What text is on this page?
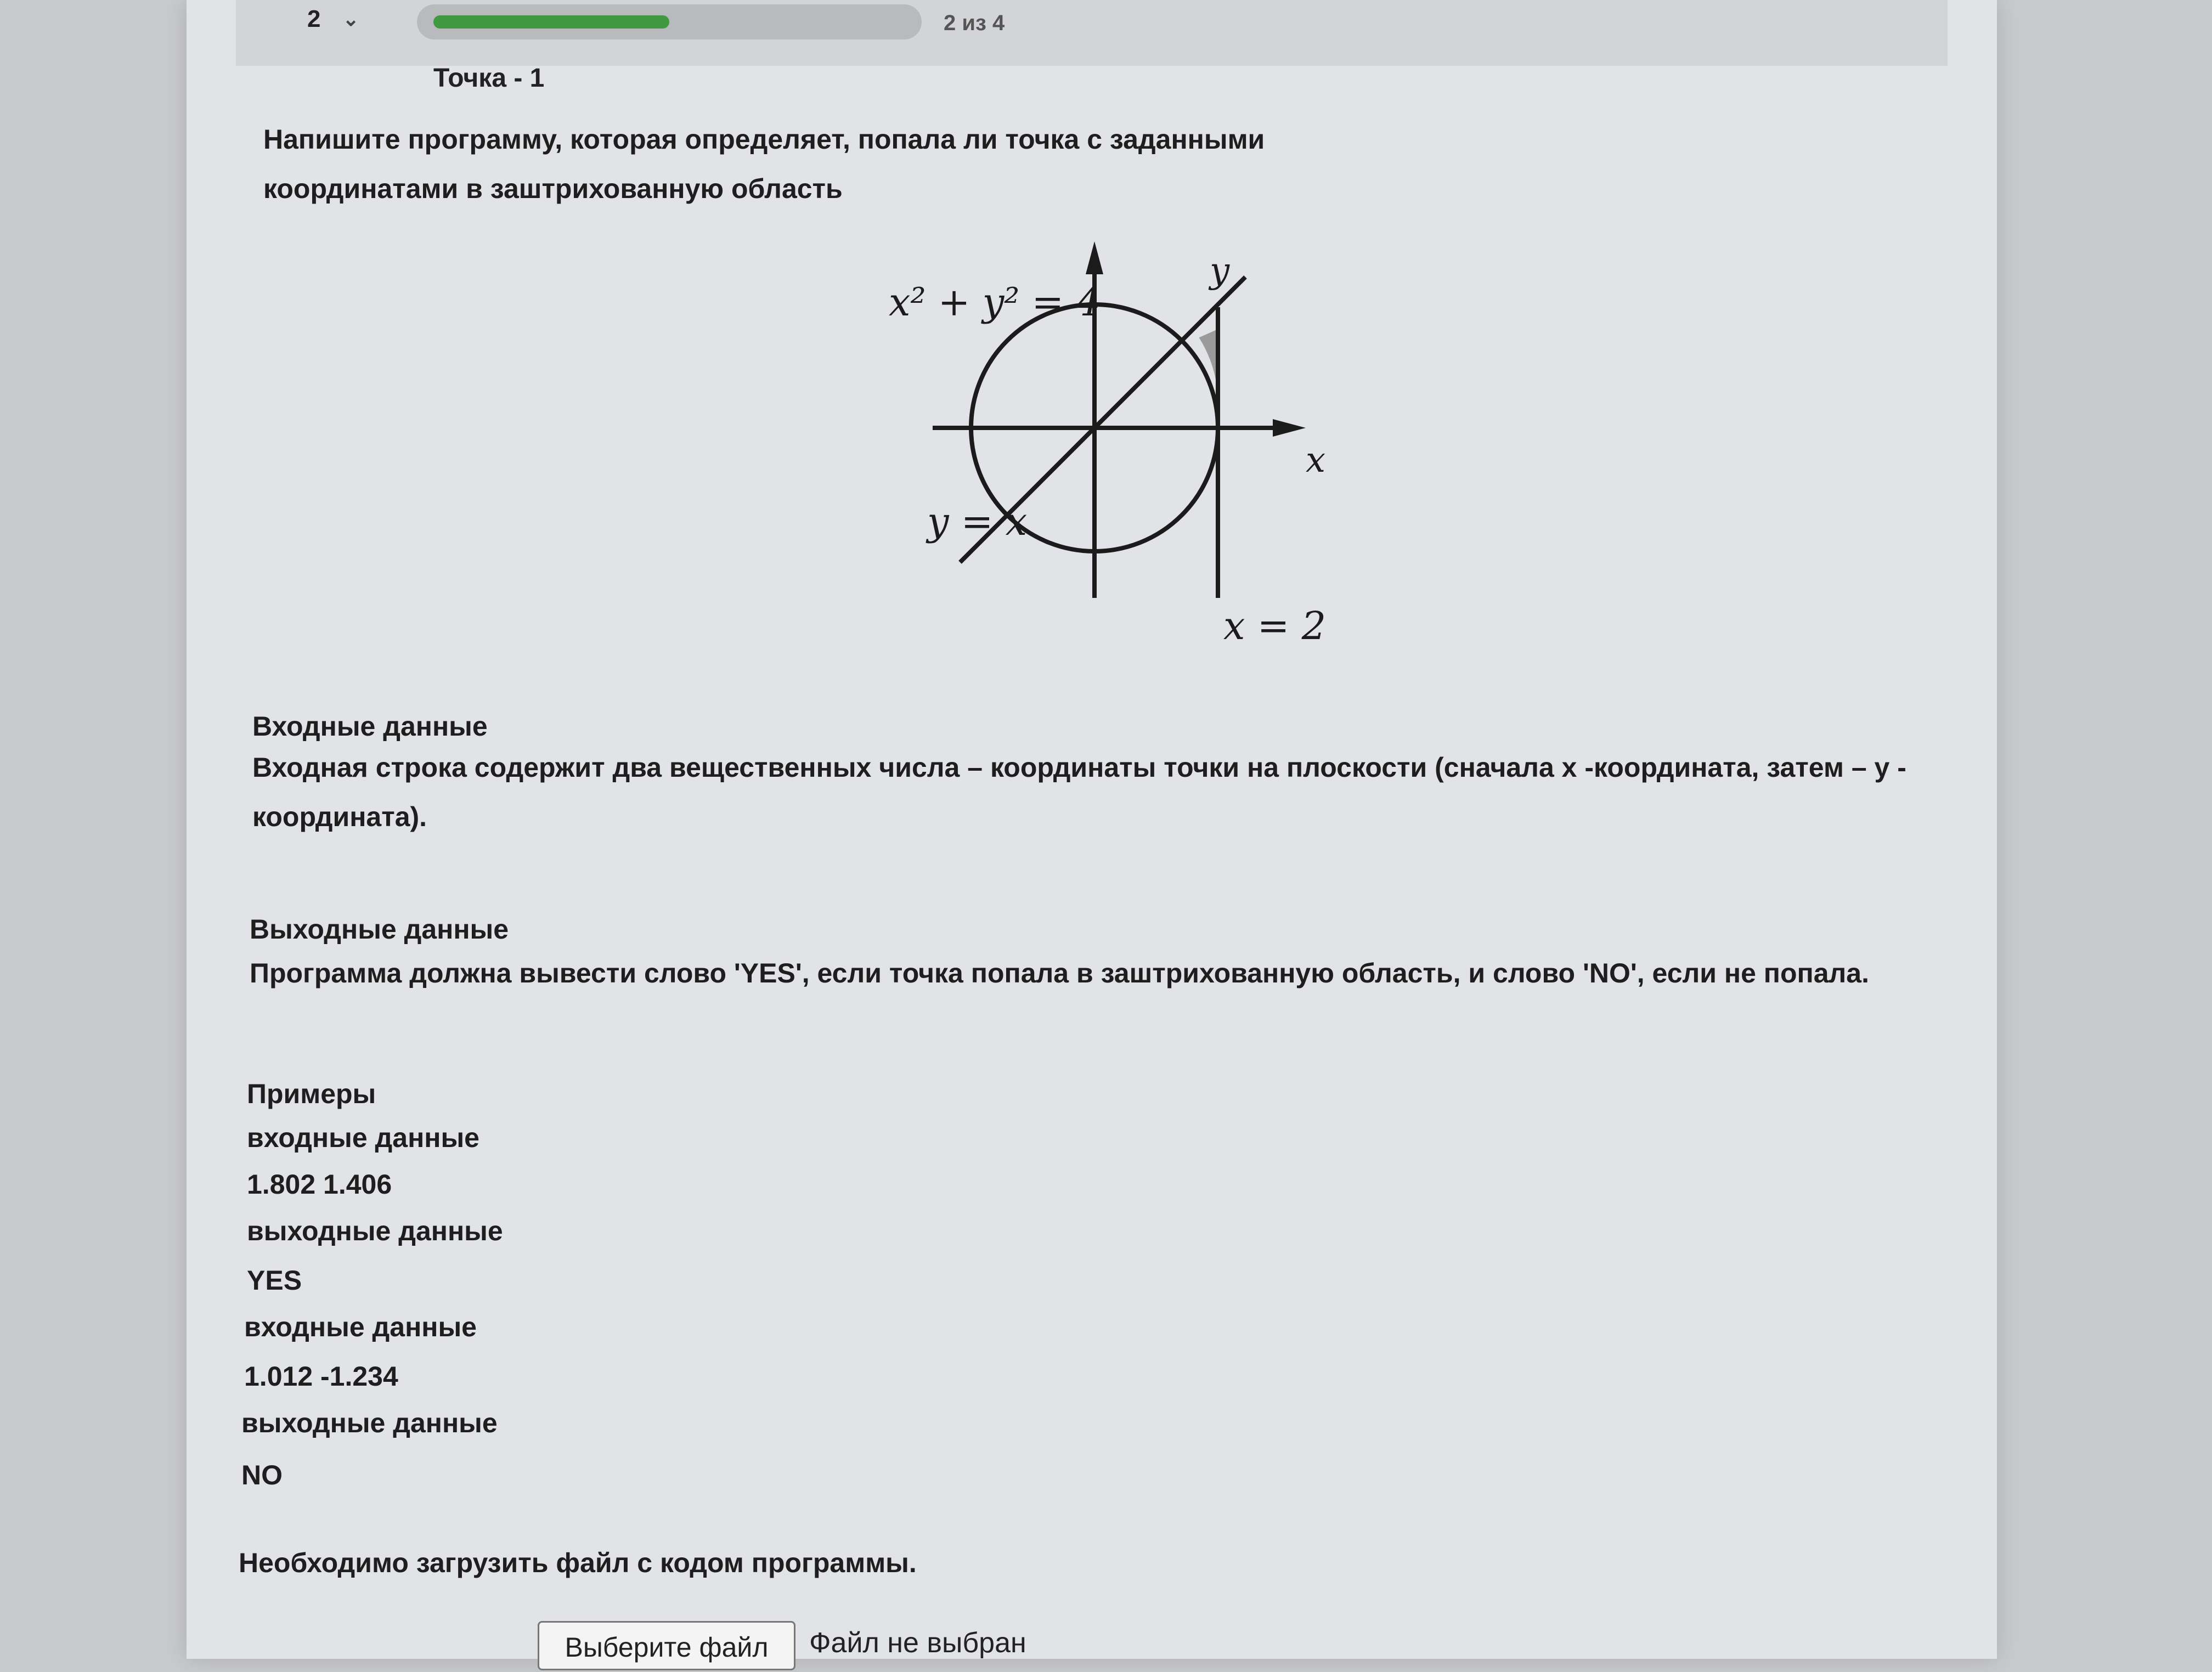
2 ⌄	2 из 4
Точка - 1
Напишите программу, которая определяет, попала ли точка с заданными
координатами в заштрихованную область
x² + y² = 4
y
x
y = x
x = 2
Входные данные
Входная строка содержит два вещественных числа – координаты точки на плоскости (сначала x -координата, затем – y -
координата).
Выходные данные
Программа должна вывести слово 'YES', если точка попала в заштрихованную область, и слово 'NO', если не попала.
Примеры
входные данные
1.802 1.406
выходные данные
YES
входные данные
1.012 -1.234
выходные данные
NO
Необходимо загрузить файл с кодом программы.
Выберите файл	Файл не выбран
